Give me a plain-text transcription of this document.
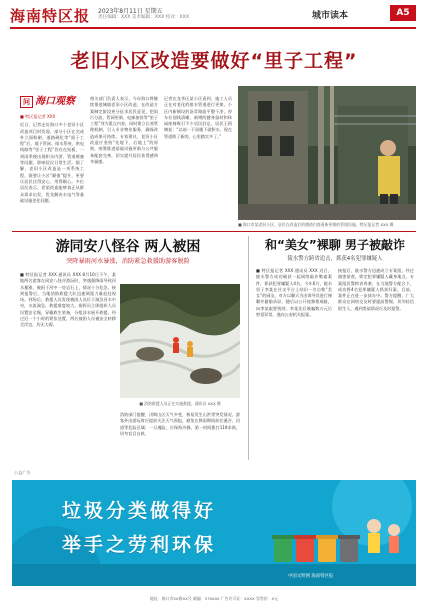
海南特区报 2023年8月11日 星期五
责任编辑：XXX 美术编辑：XXX 校对：XXX	城市读本	A5
老旧小区改造要做好“里子工程”
问 海口观察
■ 特区报记者 XXX
近日，记者走访海口多个老旧小区改造项目时发现，部分小区在完成外立面粉刷、道路硬化等“面子工程”后，地下管网、排水系统、供电线路等“里子工程”仍存在短板，一到雨季便出现积水内涝、管道堵塞等问题，影响居民日常生活。据了解，老旧小区改造是一项系统工程，既要让小区“颜值”提升，更要让居民住得安心、用得顺心。多位居民表示，希望改造能够真正从群众需求出发，优先解决水电气等基础设施老化问题。
相关部门负责人表示，今年海口将继续推进城镇老旧小区改造，在改造方案制定阶段充分征求居民意见，把雨污分流、管网更新、电梯加装等“里子工程”列为重点内容，同时建立长效管理机制，引入专业物业服务，确保改造成果可持续。专家建议，老旧小区改造应坚持“先地下、后地上”的原则，统筹推进基础设施更新与公共服务配套完善，切实提升居民获得感和幸福感。
记者在龙华区某小区看到，施工人员正在对老化的排水管道进行更换，小区内新铺设的沥青路面平整干净，停车位划线清晰，新增的健身器材和休闲座椅吸引不少居民驻足。居民王阿姨说：“以前一下雨楼下就积水，现在管道换了新的，心里踏实多了。”
■ 海口市某老旧小区，居民在改造后的楼道内查看新更换的管线设施。特区报记者 XXX 摄
游同安八怪谷 两人被困
突降暴雨河水暴涨，消防紧急救援助游客脱险
■ 特区报记者 XXX 通讯员 XXX 8月10日下午，某地两名游客在同安八怪谷游玩时，突遇强降雨导致河水暴涨，被困于河中一处岩石上，情况十分危急。接到报警后，当地消防救援大队迅速调派力量赶赴现场。到场后，救援人员发现被困人员位于湍急河水中央，水流湍急，救援难度较大。指挥员立即组织人员设置安全绳，穿戴救生装备，分组涉水展开救援。经过近一个小时的紧张处置，两名被困人员被安全转移至岸边，均无大碍。
■ 消防救援人员正在实施救援。通讯员 XXX 摄
消防部门提醒，汛期山区天气多变，极易发生山洪等突发情况，游客外出游玩时应提前关注天气预报，避免在降雨期间前往溪谷、河道等危险区域；一旦遇险，应保持冷静，第一时间拨打119求助，切勿盲目自救。
和“美女”裸聊 男子被敲诈
陵水警方跨省追击，抓获4名犯罪嫌疑人
■ 特区报记者 XXX 通讯员 XXX 近日，陵水警方成功破获一起网络敲诈勒索案件，抓获犯罪嫌疑人4名。今年6月，陵水男子李某在社交平台上结识一名自称“美女”的网友，对方以聊天为由诱导其进行裸聊并偷偷录屏，随后以公开视频相威胁，向李某索要钱财。李某先后被骗数万元后察觉异常，遂向公安机关报案。
接报后，陵水警方迅速成立专案组，经过缜密侦查，锁定犯罪嫌疑人藏身地点。专案组民警跨省奔袭，在当地警方配合下，成功将4名犯罪嫌疑人抓获归案。目前，案件正在进一步侦办中。警方提醒，广大群众在网络交友时要提高警惕，切勿轻信陌生人，遇到类似情况应及时报警。
公益广告
垃圾分类做得好
举手之劳利环保
中国文明网 海南特区报
地址：海口市XX路XX号 邮编：570000 广告许可证：XXXX 零售价：X元
